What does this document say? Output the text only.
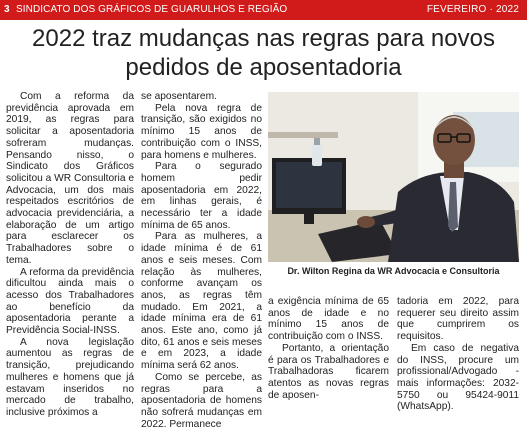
3 SINDICATO DOS GRÁFICOS DE GUARULHOS E REGIÃO	FEVEREIRO · 2022
2022 traz mudanças nas regras para novos
pedidos de aposentadoria

Com a reforma da previdência aprovada em 2019, as regras para solicitar a aposentadoria sofreram mudanças. Pensando nisso, o Sindicato dos Gráficos solicitou a WR Consultoria e Advocacia, um dos mais respeitados escritórios de advocacia previdenciária, a elaboração de um artigo para esclarecer os Trabalhadores sobre o tema.

A reforma da previdência dificultou ainda mais o acesso dos Trabalhadores ao benefício da aposentadoria perante a Previdência Social-INSS.

A nova legislação aumentou as regras de transição, prejudicando mulheres e homens que já estavam inseridos no mercado de trabalho, inclusive próximos a

se aposentarem.

Pela nova regra de transição, são exigidos no mínimo 15 anos de contribuição com o INSS, para homens e mulheres.

Para o segurado homem pedir aposentadoria em 2022, em linhas gerais, é necessário ter a idade mínima de 65 anos.

Para as mulheres, a idade mínima é de 61 anos e seis meses. Com relação às mulheres, conforme avançam os anos, as regras têm mudado. Em 2021, a idade mínima era de 61 anos. Este ano, como já dito, 61 anos e seis meses e em 2023, a idade mínima será 62 anos.

Como se percebe, as regras para a aposentadoria de homens não sofrerá mudanças em 2022. Permanece

Dr. Wilton Regina da WR Advocacia e Consultoria

a exigência mínima de 65 anos de idade e no mínimo 15 anos de contribuição com o INSS.

Portanto, a orientação é para os Trabalhadores e Trabalhadoras ficarem atentos as novas regras de aposen-

tadoria em 2022, para requerer seu direito assim que cumprirem os requisitos.

Em caso de negativa do INSS, procure um profissional/Advogado - mais informações: 2032-5750 ou 95424-9011 (WhatsApp).
